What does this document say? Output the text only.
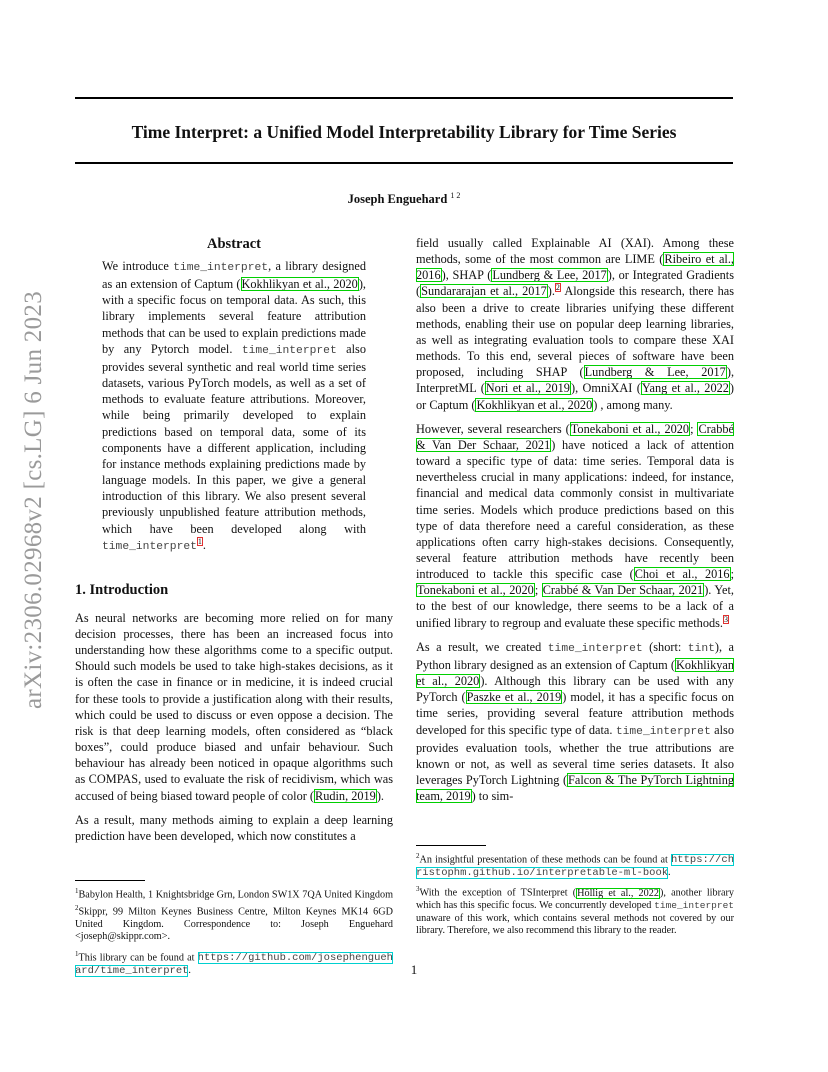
arXiv:2306.02968v2 [cs.LG] 6 Jun 2023
Time Interpret: a Unified Model Interpretability Library for Time Series
Joseph Enguehard $^{1 2}$
Abstract

We introduce time_interpret, a library designed as an extension of Captum (Kokhlikyan et al., 2020), with a specific focus on temporal data. As such, this library implements several feature attribution methods that can be used to explain predictions made by any Pytorch model. time_interpret also provides several synthetic and real world time series datasets, various PyTorch models, as well as a set of methods to evaluate feature attributions. Moreover, while being primarily developed to explain predictions based on temporal data, some of its components have a different application, including for instance methods explaining predictions made by language models. In this paper, we give a general introduction of this library. We also present several previously unpublished feature attribution methods, which have been developed along with time_interpret$^1$.

1. Introduction

As neural networks are becoming more relied on for many decision processes, there has been an increased focus into understanding how these algorithms come to a specific output. Should such models be used to take high-stakes decisions, as it is often the case in finance or in medicine, it is indeed crucial for these tools to provide a justification along with their results, which could be used to discuss or even oppose a decision. The risk is that deep learning models, often considered as “black boxes”, could produce biased and unfair behaviour. Such behaviour has already been noticed in opaque algorithms such as COMPAS, used to evaluate the risk of recidivism, which was accused of being biased toward people of color (Rudin, 2019).

As a result, many methods aiming to explain a deep learning prediction have been developed, which now constitutes a

field usually called Explainable AI (XAI). Among these methods, some of the most common are LIME (Ribeiro et al., 2016), SHAP (Lundberg & Lee, 2017), or Integrated Gradients (Sundararajan et al., 2017).$^2$ Alongside this research, there has also been a drive to create libraries unifying these different methods, enabling their use on popular deep learning libraries, as well as integrating evaluation tools to compare these XAI methods. To this end, several pieces of software have been proposed, including SHAP (Lundberg & Lee, 2017), InterpretML (Nori et al., 2019), OmniXAI (Yang et al., 2022) or Captum (Kokhlikyan et al., 2020) , among many.

However, several researchers (Tonekaboni et al., 2020; Crabbé & Van Der Schaar, 2021) have noticed a lack of attention toward a specific type of data: time series. Temporal data is nevertheless crucial in many applications: indeed, for instance, financial and medical data commonly consist in multivariate time series. Models which produce predictions based on this type of data therefore need a careful consideration, as these applications often carry high-stakes decisions. Consequently, several feature attribution methods have recently been introduced to tackle this specific case (Choi et al., 2016; Tonekaboni et al., 2020; Crabbé & Van Der Schaar, 2021). Yet, to the best of our knowledge, there seems to be a lack of a unified library to regroup and evaluate these specific methods.$^3$

As a result, we created time_interpret (short: tint), a Python library designed as an extension of Captum (Kokhlikyan et al., 2020). Although this library can be used with any PyTorch (Paszke et al., 2019) model, it has a specific focus on time series, providing several feature attribution methods developed for this specific type of data. time_interpret also provides evaluation tools, whether the true attributions are known or not, as well as several time series datasets. It also leverages PyTorch Lightning (Falcon & The PyTorch Lightning team, 2019) to sim-

$^1$Babylon Health, 1 Knightsbridge Grn, London SW1X 7QA United Kingdom $^2$Skippr, 99 Milton Keynes Business Centre, Milton Keynes MK14 6GD United Kingdom. Correspondence to: Joseph Enguehard <joseph@skippr.com>.

$^1$This library can be found at https://github.com/josephenguehard/time_interpret.

$^2$An insightful presentation of these methods can be found at https://christophm.github.io/interpretable-ml-book.

$^3$With the exception of TSInterpret (Höllig et al., 2022), another library which has this specific focus. We concurrently developed time_interpret unaware of this work, which contains several methods not covered by our library. Therefore, we also recommend this library to the reader.

1
